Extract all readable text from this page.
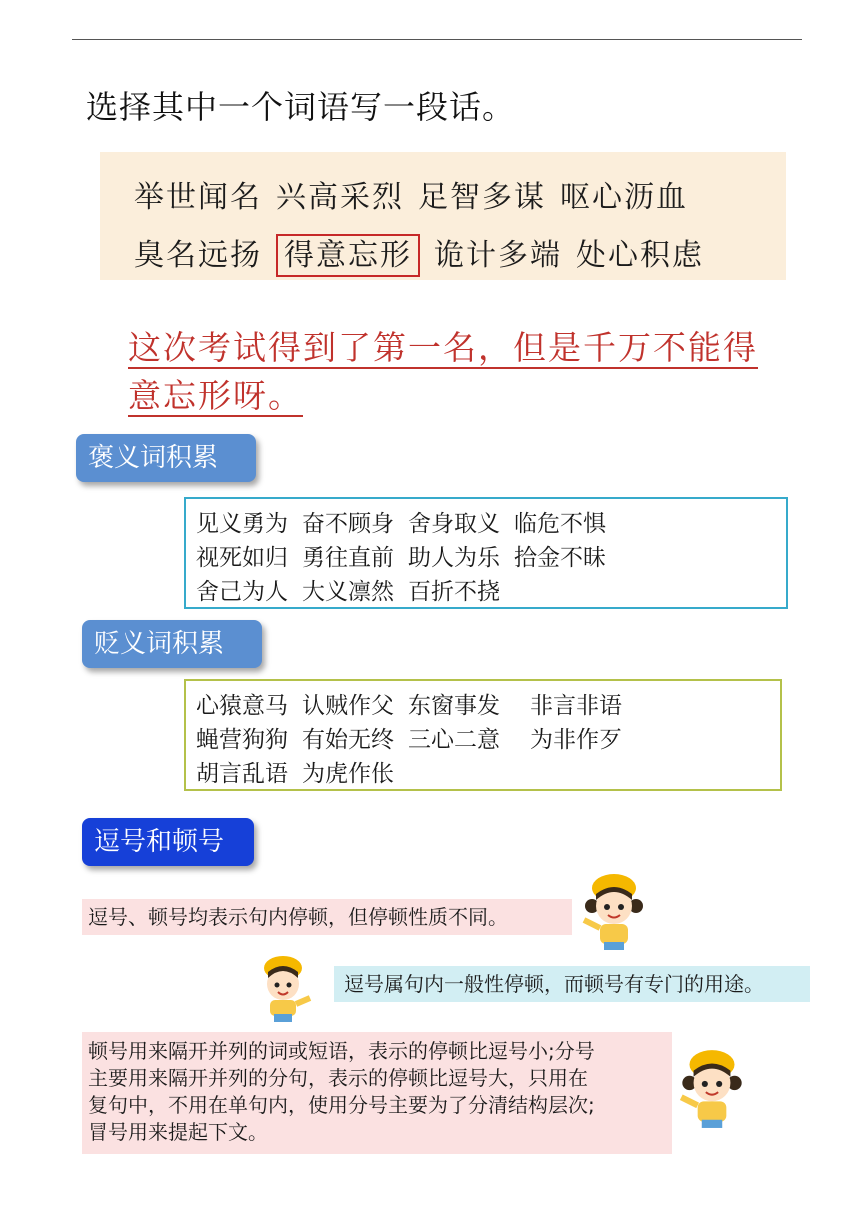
选择其中一个词语写一段话。
举世闻名 兴高采烈 足智多谋 呕心沥血
臭名远扬 得意忘形 诡计多端 处心积虑
这次考试得到了第一名，但是千万不能得
意忘形呀。
褒义词积累
见义勇为 奋不顾身 舍身取义 临危不惧
视死如归 勇往直前 助人为乐 拾金不昧
舍己为人 大义凛然 百折不挠
贬义词积累
心猿意马 认贼作父 东窗事发 非言非语
蝇营狗狗 有始无终 三心二意 为非作歹
胡言乱语 为虎作伥
逗号和顿号
逗号、顿号均表示句内停顿，但停顿性质不同。
逗号属句内一般性停顿，而顿号有专门的用途。
顿号用来隔开并列的词或短语，表示的停顿比逗号小;分号
主要用来隔开并列的分句，表示的停顿比逗号大，只用在
复句中，不用在单句内，使用分号主要为了分清结构层次;
冒号用来提起下文。
